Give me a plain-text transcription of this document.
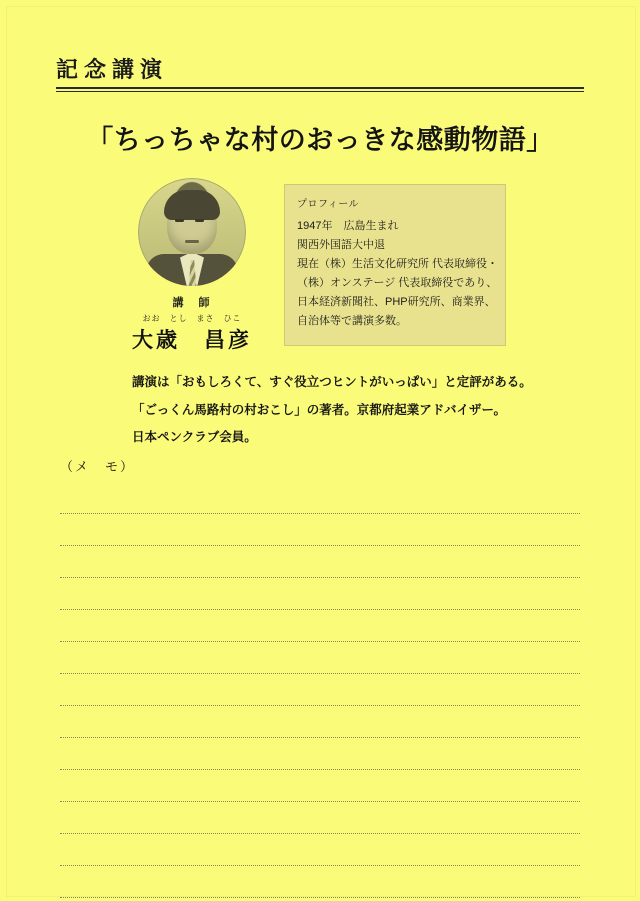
記念講演
「ちっちゃな村のおっきな感動物語」
講　師
おお とし まさ ひこ
大歳　昌彦
プロフィール
1947年　広島生まれ
関西外国語大中退
現在（株）生活文化研究所 代表取締役・
（株）オンステージ 代表取締役であり、
日本経済新聞社、PHP研究所、商業界、
自治体等で講演多数。

講演は「おもしろくて、すぐ役立つヒントがいっぱい」と定評がある。

「ごっくん馬路村の村おこし」の著者。京都府起業アドバイザー。

日本ペンクラブ会員。

（メ　モ）
